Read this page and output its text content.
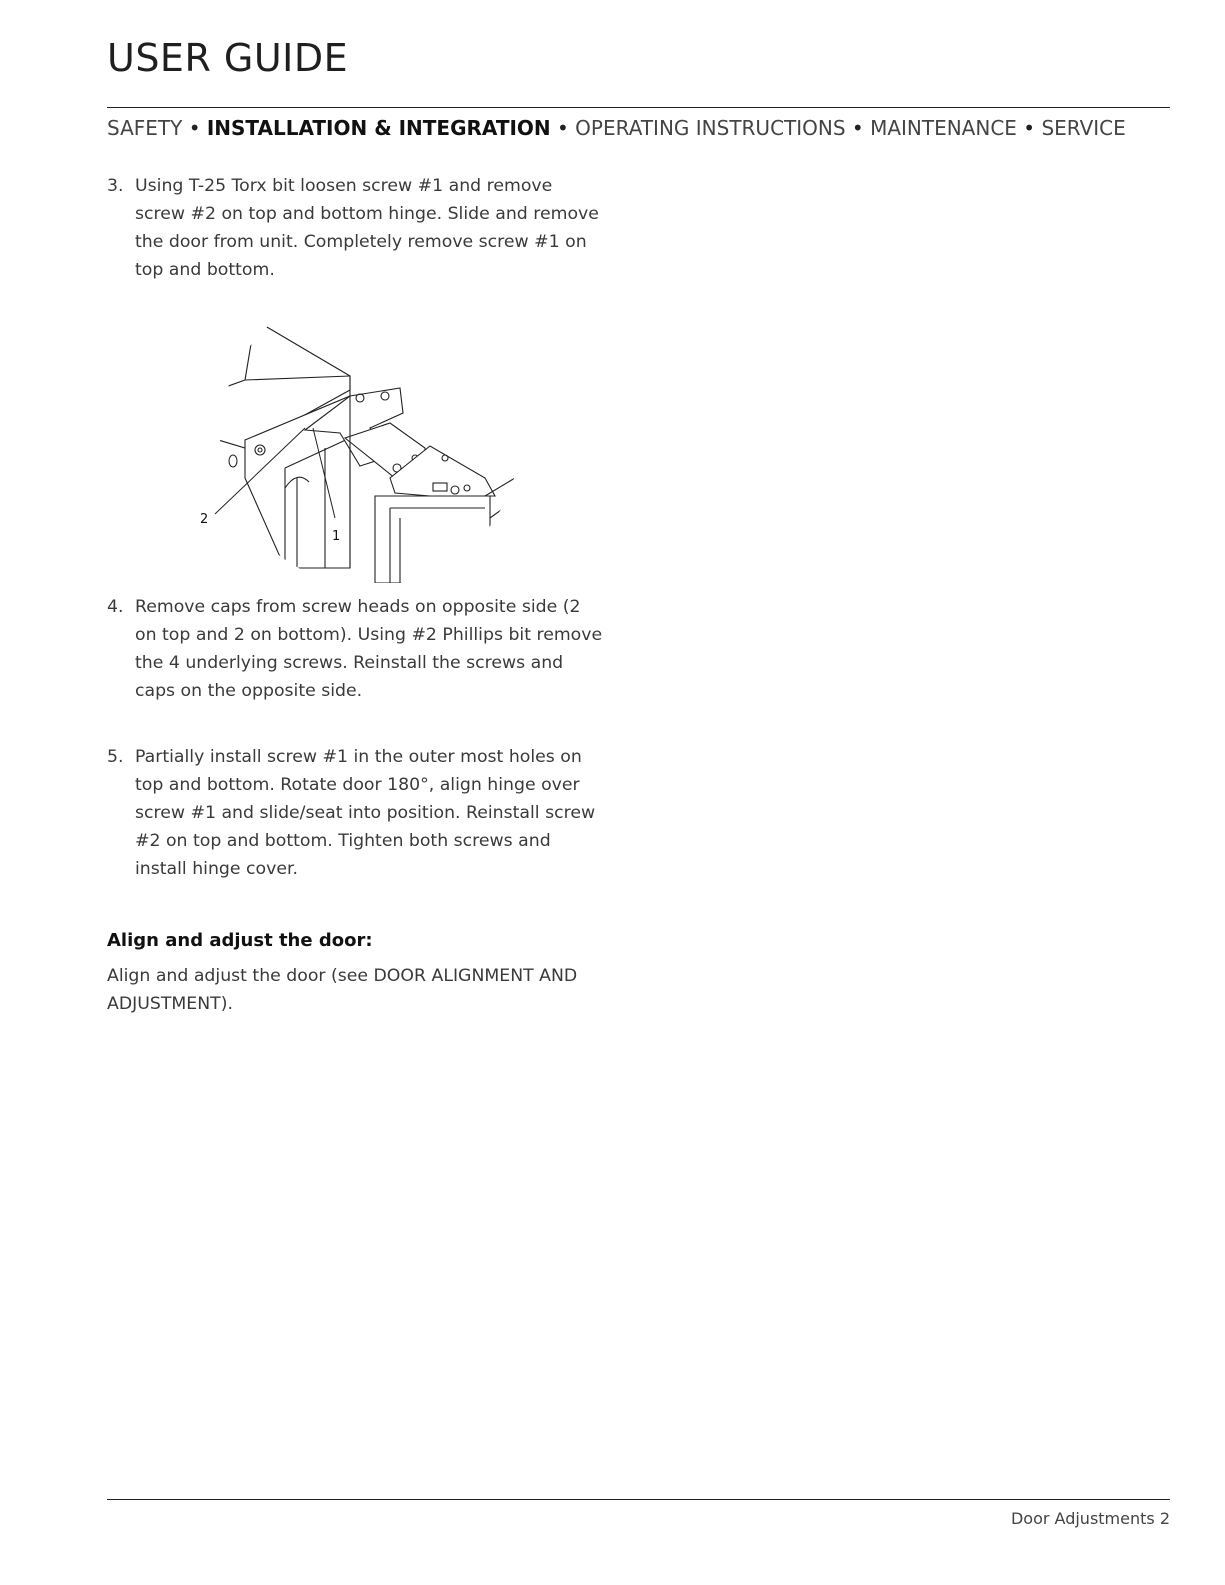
USER GUIDE
SAFETY • INSTALLATION & INTEGRATION • OPERATING INSTRUCTIONS • MAINTENANCE • SERVICE
3. Using T-25 Torx bit loosen screw #1 and remove screw #2 on top and bottom hinge. Slide and remove the door from unit. Completely remove screw #1 on top and bottom.
2
1
4. Remove caps from screw heads on opposite side (2 on top and 2 on bottom). Using #2 Phillips bit remove the 4 underlying screws. Reinstall the screws and caps on the opposite side.
5. Partially install screw #1 in the outer most holes on top and bottom. Rotate door 180°, align hinge over screw #1 and slide/seat into position. Reinstall screw #2 on top and bottom. Tighten both screws and install hinge cover.
Align and adjust the door:
Align and adjust the door (see DOOR ALIGNMENT AND ADJUSTMENT).
Door Adjustments 2
